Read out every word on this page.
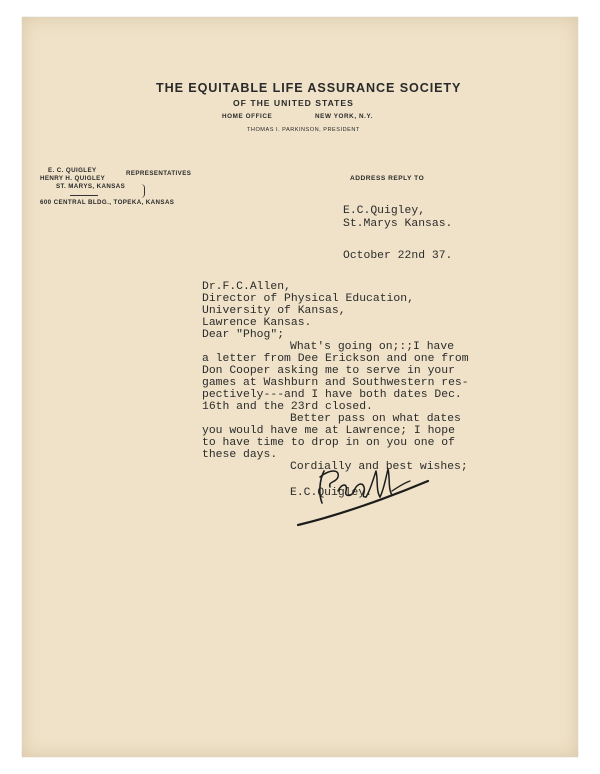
THE EQUITABLE LIFE ASSURANCE SOCIETY
OF THE UNITED STATES
HOME OFFICE	NEW YORK, N.Y.
THOMAS I. PARKINSON, PRESIDENT
E. C. QUIGLEY
HENRY H. QUIGLEY
REPRESENTATIVES
ST. MARYS, KANSAS
600 CENTRAL BLDG., TOPEKA, KANSAS
ADDRESS REPLY TO
E.C.Quigley,
St.Marys Kansas.
October 22nd 37.
Dr.F.C.Allen,
Director of Physical Education,
University of Kansas,
Lawrence Kansas.
Dear "Phog";
What's going on;:;I have
a letter from Dee Erickson and one from
Don Cooper asking me to serve in your
games at Washburn and Southwestern res-
pectively---and I have both dates Dec.
16th and the 23rd closed.
Better pass on what dates
you would have me at Lawrence; I hope
to have time to drop in on you one of
these days.
Cordially and best wishes;
E.C.Quigley.
